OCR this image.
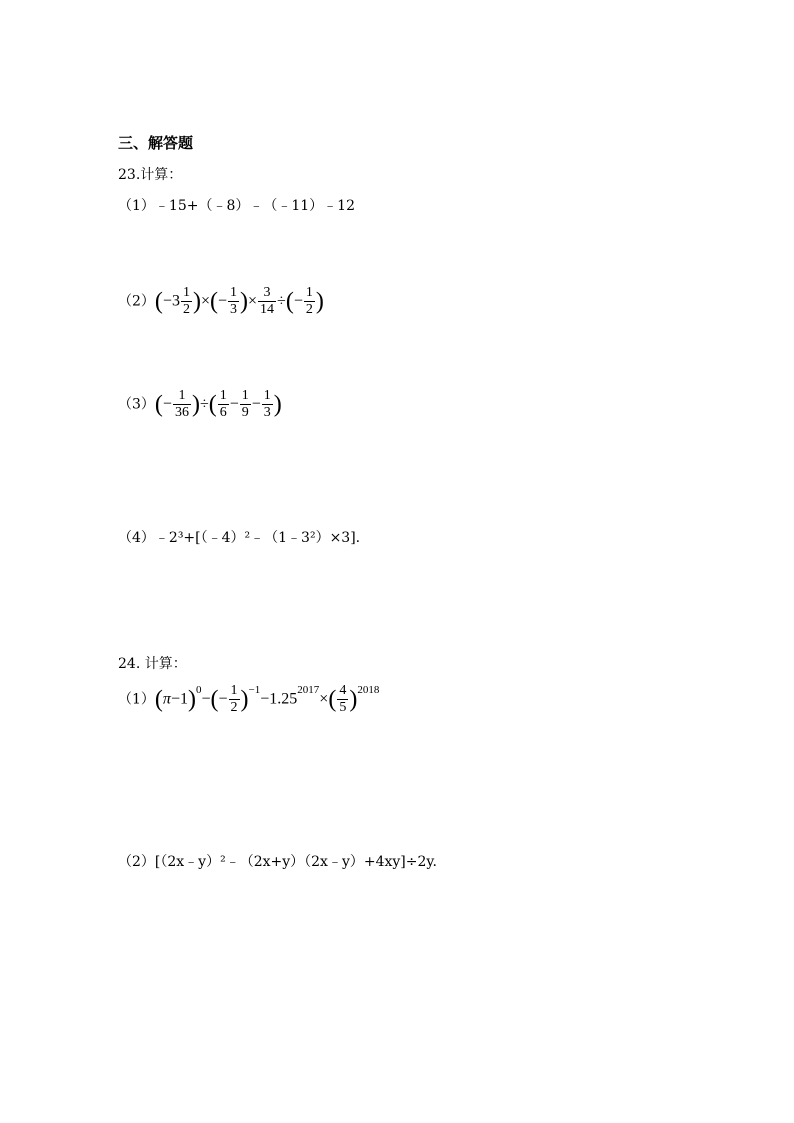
三、解答题
23.计算：
（1）﹣15+（﹣8）﹣（﹣11）﹣12
$(2)(-3 \frac{1}{2}$ )×(− $\frac{1}{3}$ )× $\frac{3}{14}$ ÷(− $\frac{1}{2}$ )
$(3)(- \frac{1}{36}$ )÷( $\frac{1}{6} - \frac{1}{9} - \frac{1}{3}$ )
（4）﹣2³+[（﹣4）²﹣（1﹣3²）×3].
24. 计算：
$(1)(\pi-1)^0-(- \frac{1}{2} )^{-1}-1.25^{2017}\times( \frac{4}{5} )^{2018}$
（2）[（2x﹣y）²﹣（2x+y）（2x﹣y）+4xy]÷2y.
